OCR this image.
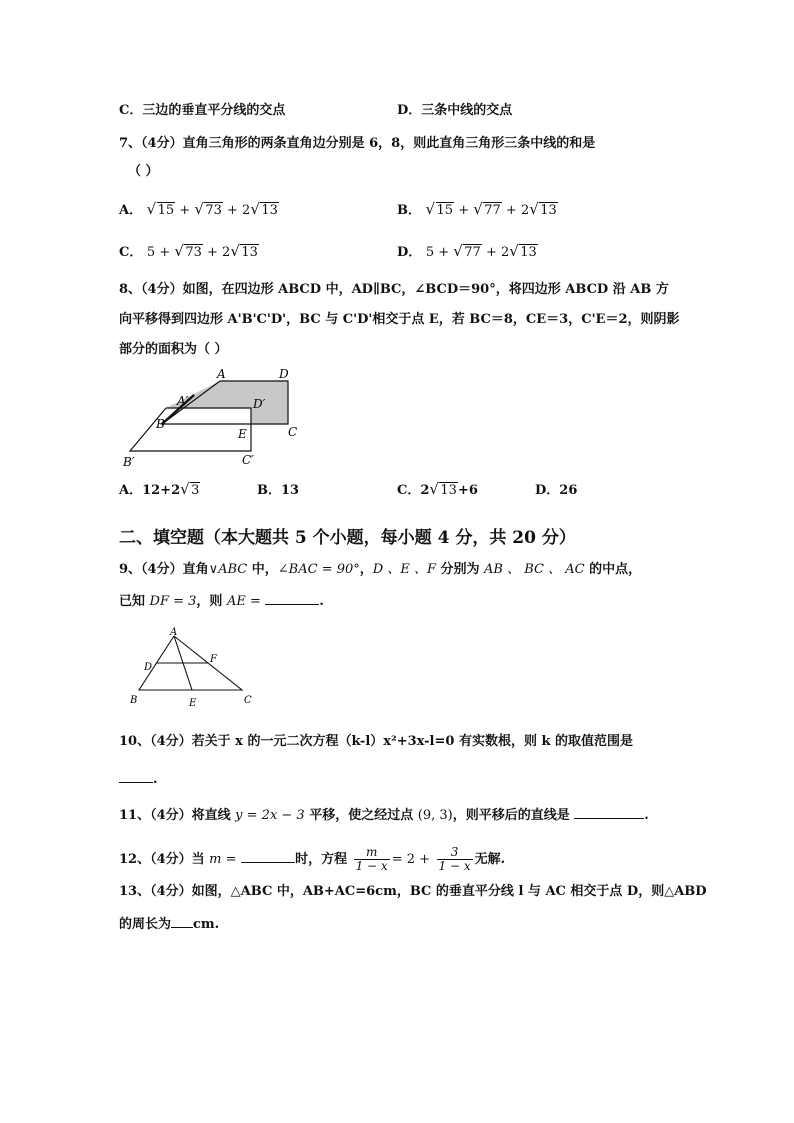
C．三边的垂直平分线的交点	D．三条中线的交点
7、（4分）直角三角形的两条直角边分别是 6，8，则此直角三角形三条中线的和是
（ ）
A． √ 15 + √ 73 + 2 √ 13	B． √ 15 + √ 77 + 2 √ 13
C． 5 + √ 73 + 2 √ 13	D． 5 + √ 77 + 2 √ 13
8、（4分）如图，在四边形 ABCD 中，AD∥BC，∠BCD＝90°，将四边形 ABCD 沿 AB 方
向平移得到四边形 A'B'C'D'，BC 与 C'D'相交于点 E，若 BC＝8，CE＝3，C'E＝2，则阴影
部分的面积为（ ）
A	D
A′	D′
B
E	C
B′	C′
A．12+2 √ 3	B．13	C．2 √ 13+6	D．26
二、填空题（本大题共 5 个小题，每小题 4 分，共 20 分）
9、（4分）直角∨ABC 中，∠BAC = 90°，D 、E 、F 分别为 AB 、 BC 、 AC 的中点，
已知 DF = 3，则 AE =	.
A
D
F
B	E	C
10、（4分）若关于 x 的一元二次方程（k-l）x²+3x-l=0 有实数根，则 k 的取值范围是
.
11、（4分）将直线 y = 2x − 3 平移，使之经过点 (9, 3)，则平移后的直线是	.
12、（4分）当 m =	时，方程 $\frac{m}{1 - x} = 2 + \frac{3}{1 - x}$ 无解.
13、（4分）如图，△ABC 中，AB+AC=6cm，BC 的垂直平分线 l 与 AC 相交于点 D，则△ABD
的周长为 cm.
